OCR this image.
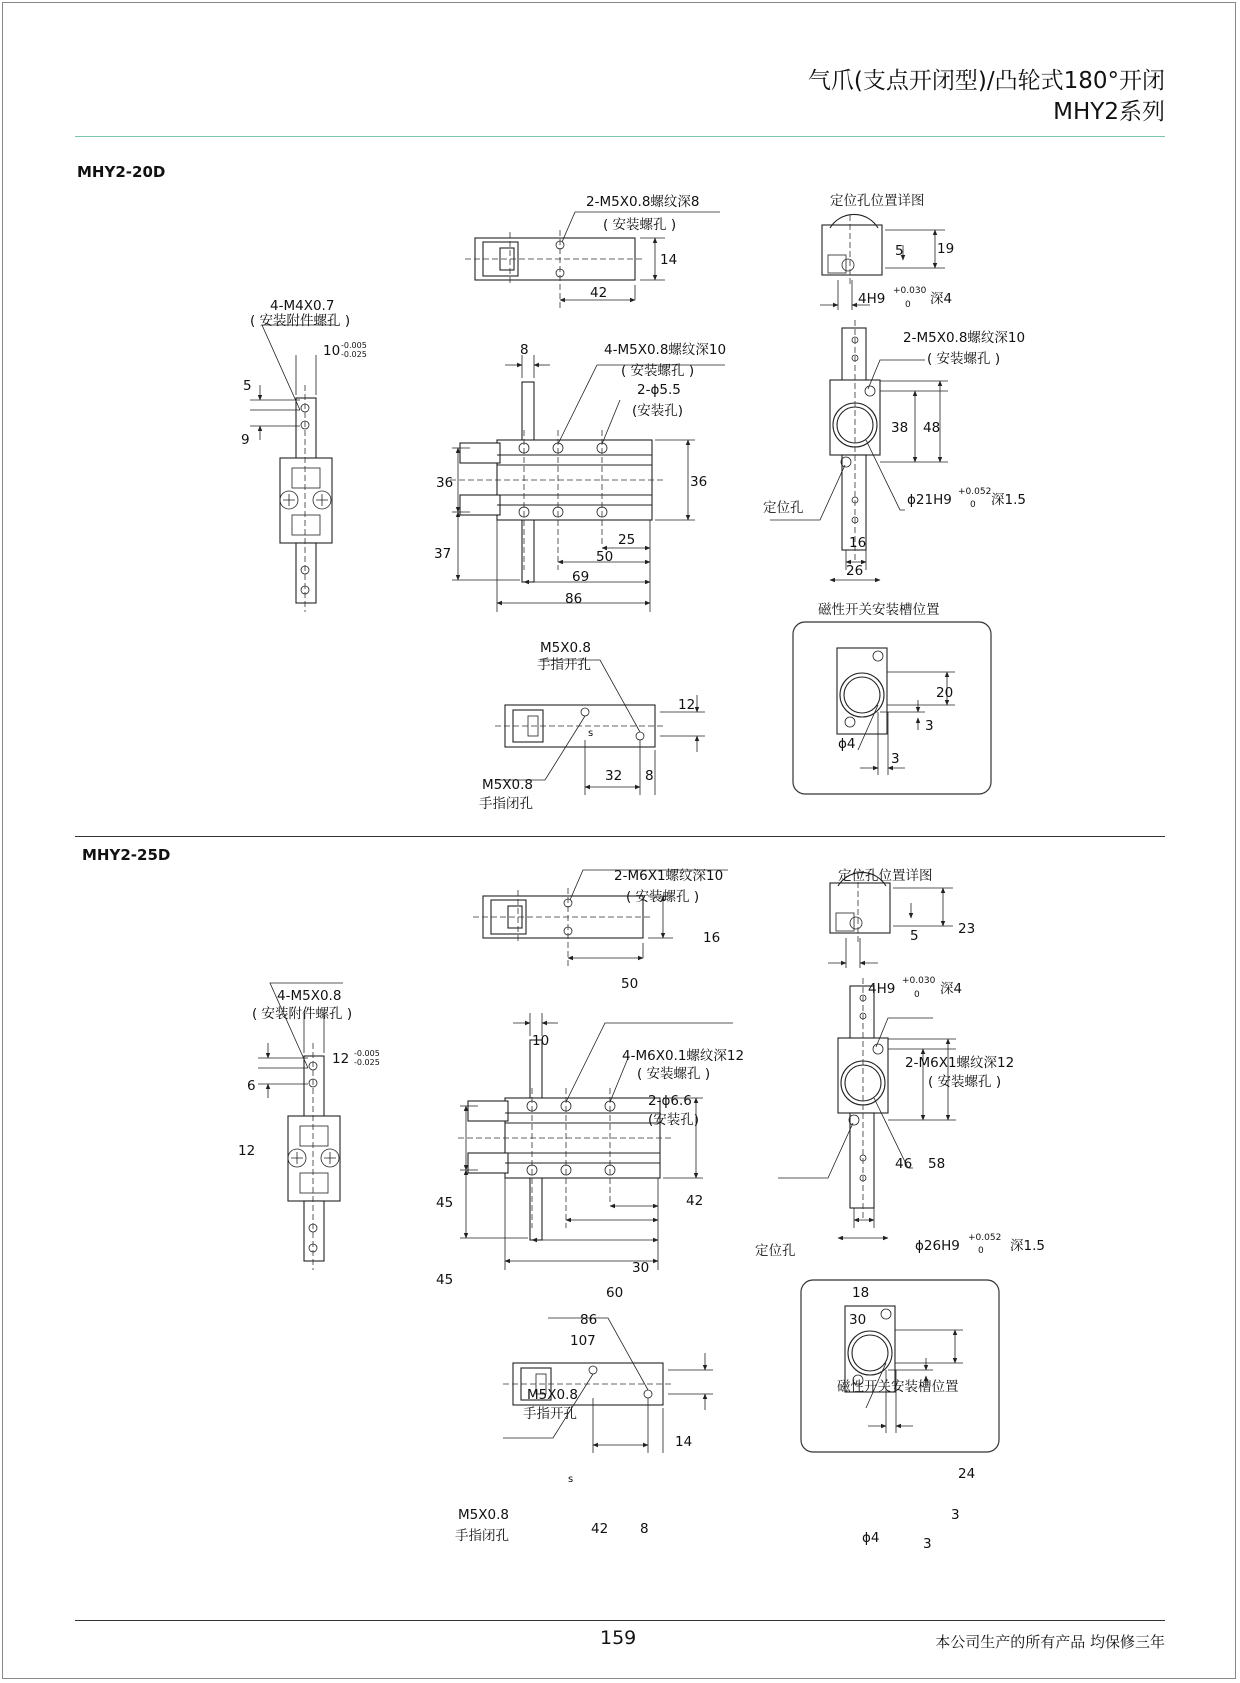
气爪(支点开闭型)/凸轮式180°开闭
MHY2系列
MHY2-20D
MHY2-25D
159	本公司生产的所有产品 均保修三年
2-M5X0.8螺纹深8
( 安装螺孔 )
14
42
定位孔位置详图
5 19
4H9 +0.030
0 深4
4-M4X0.7
( 安装附件螺孔 )
10 -0.005
-0.025
5
9
8	4-M5X0.8螺纹深10
( 安装螺孔 )
2-ϕ5.5
(安装孔)
36	36
37
25
50
69
86
2-M5X0.8螺纹深10
( 安装螺孔 )
38 48
定位孔	ϕ21H9 +0.052
0 深1.5
16
26
M5X0.8
手指开孔
M5X0.8
手指闭孔
12
32 8
s
磁性开关安装槽位置
20
3
ϕ4
3
2-M6X1螺纹深10
( 安装螺孔 )
16
50
定位孔位置详图
5	23
4H9 +0.030
0 深4
4-M5X0.8
( 安装附件螺孔 )
12 -0.005
-0.025
6
12
10
4-M6X0.1螺纹深12
( 安装螺孔 )
2-ϕ6.6
(安装孔)
45	42
45
30
60
86
107
2-M6X1螺纹深12
( 安装螺孔 )
46 58
定位孔	ϕ26H9 +0.052
0 深1.5
18
30
M5X0.8
手指开孔
M5X0.8
手指闭孔
14
42 8
s
磁性开关安装槽位置
24
3
ϕ4	3
